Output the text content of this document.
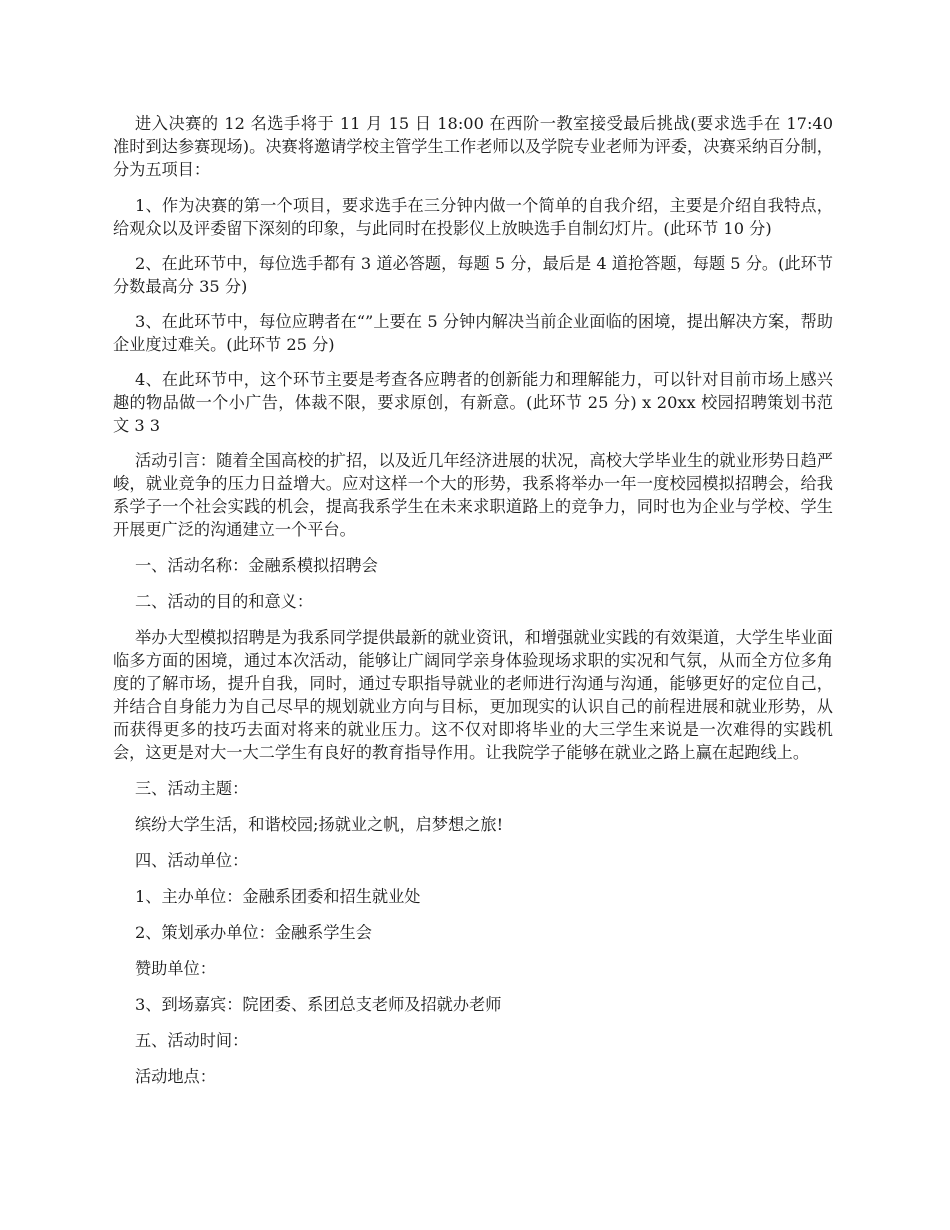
进入决赛的 12 名选手将于 11 月 15 日 18:00 在西阶一教室接受最后挑战(要求选手在 17:40 准时到达参赛现场)。决赛将邀请学校主管学生工作老师以及学院专业老师为评委，决赛采纳百分制，分为五项目：

1、作为决赛的第一个项目，要求选手在三分钟内做一个简单的自我介绍，主要是介绍自我特点，给观众以及评委留下深刻的印象，与此同时在投影仪上放映选手自制幻灯片。(此环节 10 分)

2、在此环节中，每位选手都有 3 道必答题，每题 5 分，最后是 4 道抢答题，每题 5 分。(此环节分数最高分 35 分)

3、在此环节中，每位应聘者在“”上要在 5 分钟内解决当前企业面临的困境，提出解决方案，帮助企业度过难关。(此环节 25 分)

4、在此环节中，这个环节主要是考查各应聘者的创新能力和理解能力，可以针对目前市场上感兴趣的物品做一个小广告，体裁不限，要求原创，有新意。(此环节 25 分) x 20xx 校园招聘策划书范文 3 3

活动引言：随着全国高校的扩招，以及近几年经济进展的状况，高校大学毕业生的就业形势日趋严峻，就业竞争的压力日益增大。应对这样一个大的形势，我系将举办一年一度校园模拟招聘会，给我系学子一个社会实践的机会，提高我系学生在未来求职道路上的竞争力，同时也为企业与学校、学生开展更广泛的沟通建立一个平台。

一、活动名称：金融系模拟招聘会

二、活动的目的和意义：

举办大型模拟招聘是为我系同学提供最新的就业资讯，和增强就业实践的有效渠道，大学生毕业面临多方面的困境，通过本次活动，能够让广阔同学亲身体验现场求职的实况和气氛，从而全方位多角度的了解市场，提升自我，同时，通过专职指导就业的老师进行沟通与沟通，能够更好的定位自己，并结合自身能力为自己尽早的规划就业方向与目标，更加现实的认识自己的前程进展和就业形势，从而获得更多的技巧去面对将来的就业压力。这不仅对即将毕业的大三学生来说是一次难得的实践机会，这更是对大一大二学生有良好的教育指导作用。让我院学子能够在就业之路上赢在起跑线上。

三、活动主题：

缤纷大学生活，和谐校园;扬就业之帆，启梦想之旅!

四、活动单位：

1、主办单位：金融系团委和招生就业处

2、策划承办单位：金融系学生会

赞助单位：

3、到场嘉宾：院团委、系团总支老师及招就办老师

五、活动时间：

活动地点：
